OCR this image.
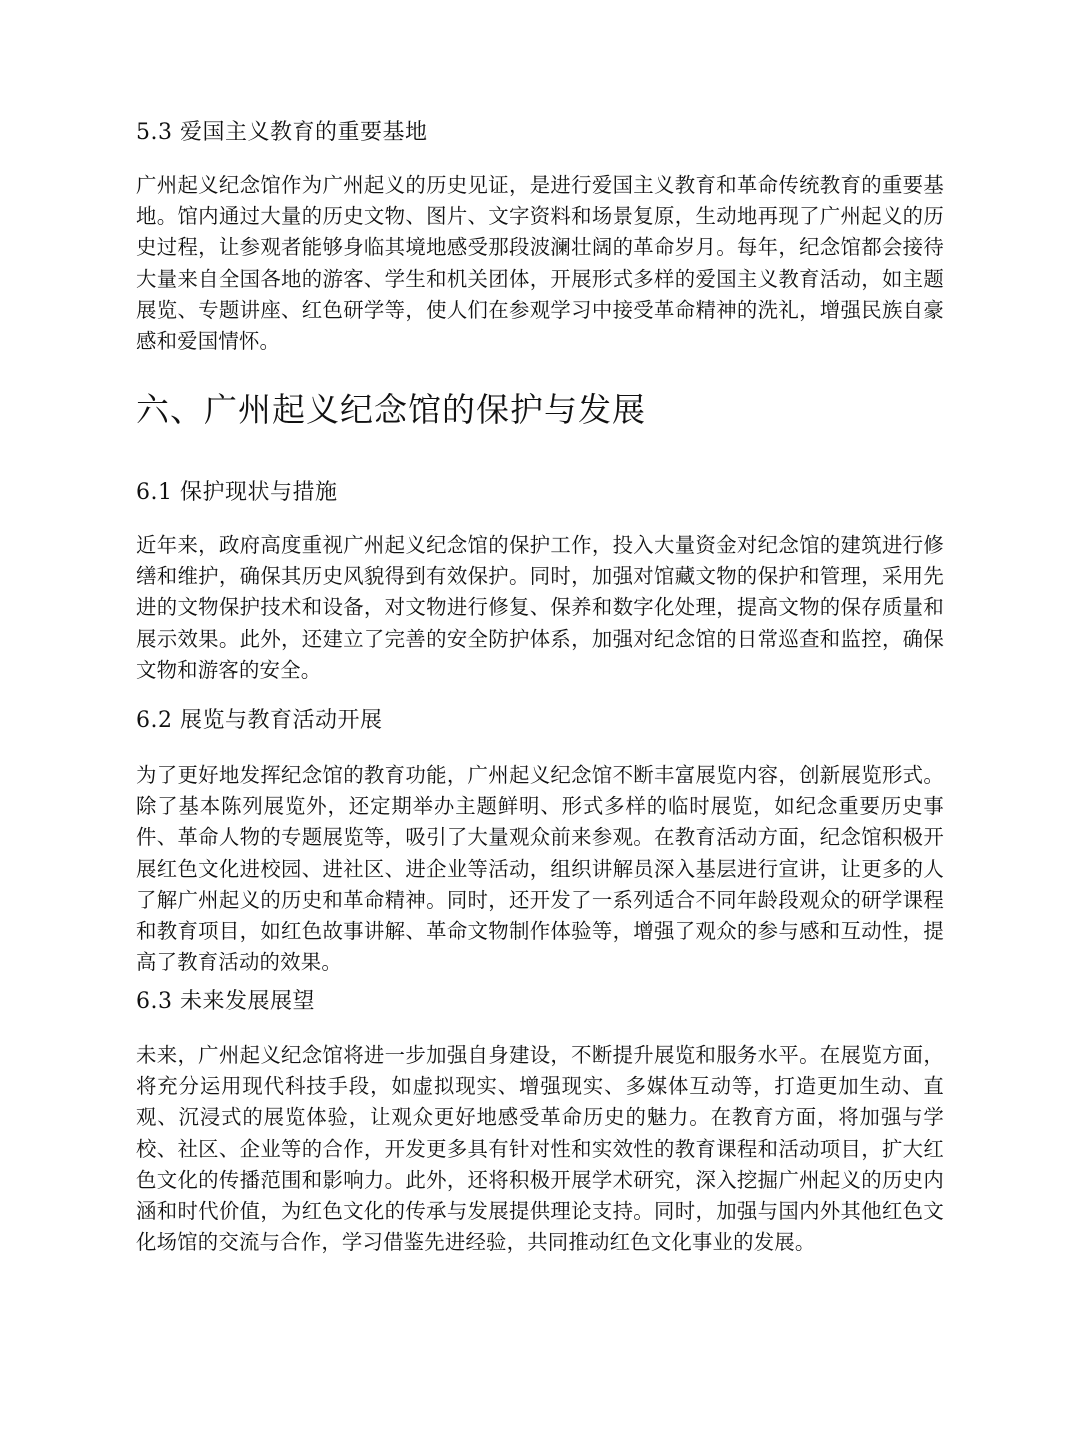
5.3 爱国主义教育的重要基地

广州起义纪念馆作为广州起义的历史见证，是进行爱国主义教育和革命传统教育的重要基地。馆内通过大量的历史文物、图片、文字资料和场景复原，生动地再现了广州起义的历史过程，让参观者能够身临其境地感受那段波澜壮阔的革命岁月。每年，纪念馆都会接待大量来自全国各地的游客、学生和机关团体，开展形式多样的爱国主义教育活动，如主题展览、专题讲座、红色研学等，使人们在参观学习中接受革命精神的洗礼，增强民族自豪感和爱国情怀。

六、广州起义纪念馆的保护与发展
6.1 保护现状与措施

近年来，政府高度重视广州起义纪念馆的保护工作，投入大量资金对纪念馆的建筑进行修缮和维护，确保其历史风貌得到有效保护。同时，加强对馆藏文物的保护和管理，采用先进的文物保护技术和设备，对文物进行修复、保养和数字化处理，提高文物的保存质量和展示效果。此外，还建立了完善的安全防护体系，加强对纪念馆的日常巡查和监控，确保文物和游客的安全。

6.2 展览与教育活动开展

为了更好地发挥纪念馆的教育功能，广州起义纪念馆不断丰富展览内容，创新展览形式。除了基本陈列展览外，还定期举办主题鲜明、形式多样的临时展览，如纪念重要历史事件、革命人物的专题展览等，吸引了大量观众前来参观。在教育活动方面，纪念馆积极开展红色文化进校园、进社区、进企业等活动，组织讲解员深入基层进行宣讲，让更多的人了解广州起义的历史和革命精神。同时，还开发了一系列适合不同年龄段观众的研学课程和教育项目，如红色故事讲解、革命文物制作体验等，增强了观众的参与感和互动性，提高了教育活动的效果。

6.3 未来发展展望

未来，广州起义纪念馆将进一步加强自身建设，不断提升展览和服务水平。在展览方面，将充分运用现代科技手段，如虚拟现实、增强现实、多媒体互动等，打造更加生动、直观、沉浸式的展览体验，让观众更好地感受革命历史的魅力。在教育方面，将加强与学校、社区、企业等的合作，开发更多具有针对性和实效性的教育课程和活动项目，扩大红色文化的传播范围和影响力。此外，还将积极开展学术研究，深入挖掘广州起义的历史内涵和时代价值，为红色文化的传承与发展提供理论支持。同时，加强与国内外其他红色文化场馆的交流与合作，学习借鉴先进经验，共同推动红色文化事业的发展。
